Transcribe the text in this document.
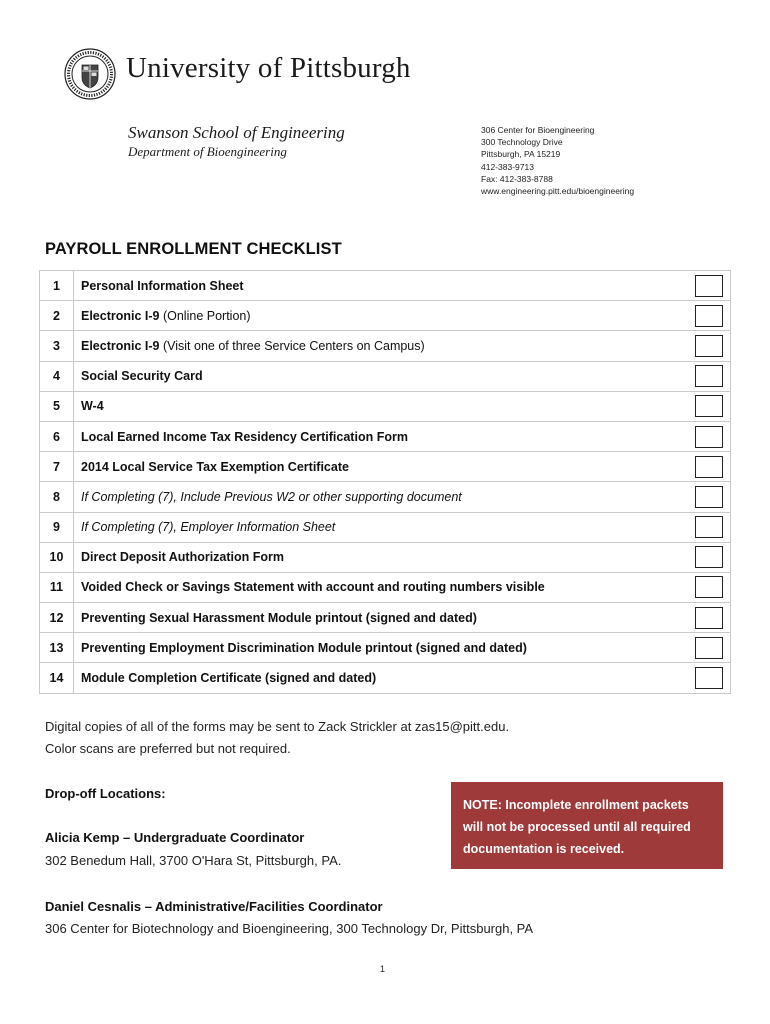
University of Pittsburgh
Swanson School of Engineering
Department of Bioengineering
306 Center for Bioengineering
300 Technology Drive
Pittsburgh, PA 15219
412-383-9713
Fax: 412-383-8788
www.engineering.pitt.edu/bioengineering
PAYROLL ENROLLMENT CHECKLIST
1	Personal Information Sheet	
2	Electronic I-9 (Online Portion)	
3	Electronic I-9 (Visit one of three Service Centers on Campus)	
4	Social Security Card	
5	W-4	
6	Local Earned Income Tax Residency Certification Form	
7	2014 Local Service Tax Exemption Certificate	
8	If Completing (7), Include Previous W2 or other supporting document	
9	If Completing (7), Employer Information Sheet	
10	Direct Deposit Authorization Form	
11	Voided Check or Savings Statement with account and routing numbers visible	
12	Preventing Sexual Harassment Module printout (signed and dated)	
13	Preventing Employment Discrimination Module printout (signed and dated)	
14	Module Completion Certificate (signed and dated)	
Digital copies of all of the forms may be sent to Zack Strickler at zas15@pitt.edu.
Color scans are preferred but not required.
Drop-off Locations:
Alicia Kemp – Undergraduate Coordinator
302 Benedum Hall, 3700 O'Hara St, Pittsburgh, PA.
Daniel Cesnalis – Administrative/Facilities Coordinator
306 Center for Biotechnology and Bioengineering, 300 Technology Dr, Pittsburgh, PA
NOTE: Incomplete enrollment packets will not be processed until all required documentation is received.
1
